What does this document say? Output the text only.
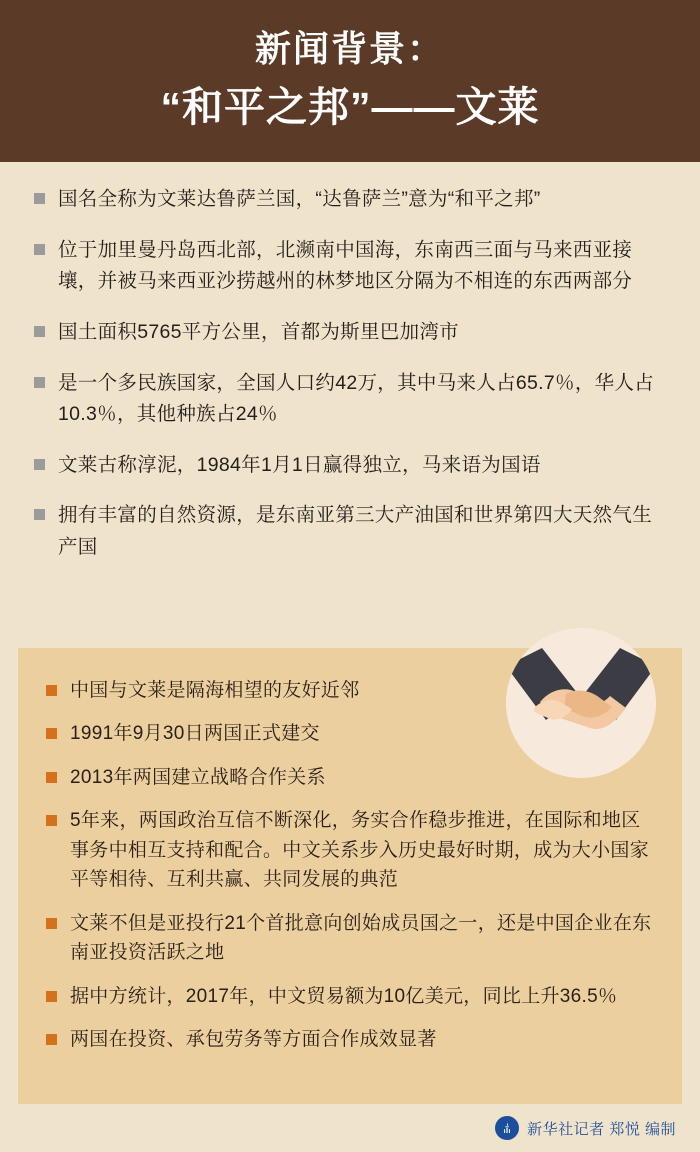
新闻背景：
“和平之邦”——文莱
国名全称为文莱达鲁萨兰国，“达鲁萨兰”意为“和平之邦”
位于加里曼丹岛西北部，北濒南中国海，东南西三面与马来西亚接壤，并被马来西亚沙捞越州的林梦地区分隔为不相连的东西两部分
国土面积5765平方公里，首都为斯里巴加湾市
是一个多民族国家，全国人口约42万，其中马来人占65.7％，华人占10.3％，其他种族占24％
文莱古称淳泥，1984年1月1日赢得独立，马来语为国语
拥有丰富的自然资源，是东南亚第三大产油国和世界第四大天然气生产国
中国与文莱是隔海相望的友好近邻
1991年9月30日两国正式建交
2013年两国建立战略合作关系
5年来，两国政治互信不断深化，务实合作稳步推进，在国际和地区事务中相互支持和配合。中文关系步入历史最好时期，成为大小国家平等相待、互利共赢、共同发展的典范
文莱不但是亚投行21个首批意向创始成员国之一，还是中国企业在东南亚投资活跃之地
据中方统计，2017年，中文贸易额为10亿美元，同比上升36.5％
两国在投资、承包劳务等方面合作成效显著
新华社记者 郑悦 编制
